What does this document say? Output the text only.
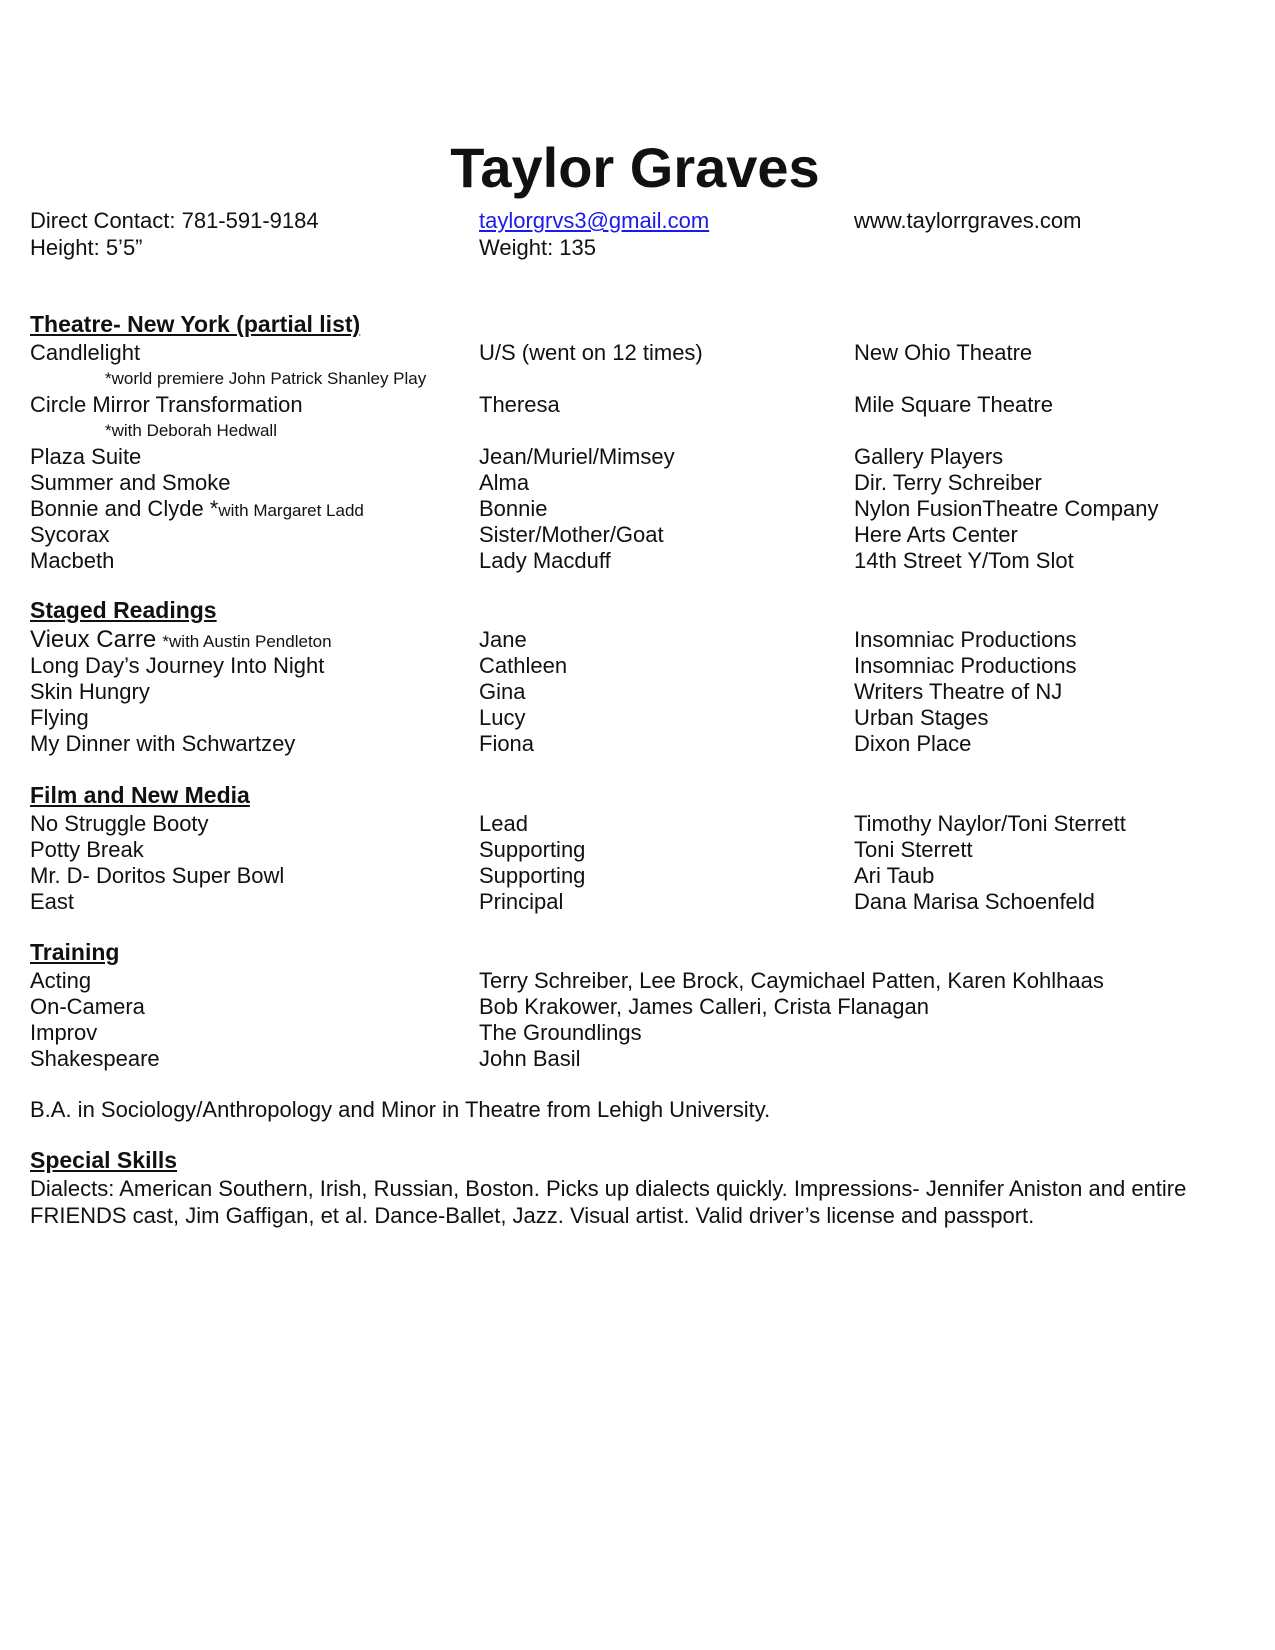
Taylor Graves
Direct Contact: 781-591-9184	taylorgrvs3@gmail.com	www.taylorrgraves.com
Height: 5’5”	Weight: 135
Theatre- New York (partial list)
Candlelight	U/S (went on 12 times)	New Ohio Theatre
*world premiere John Patrick Shanley Play
Circle Mirror Transformation	Theresa	Mile Square Theatre
*with Deborah Hedwall
Plaza Suite	Jean/Muriel/Mimsey	Gallery Players
Summer and Smoke	Alma	Dir. Terry Schreiber
Bonnie and Clyde *with Margaret Ladd	Bonnie	Nylon FusionTheatre Company
Sycorax	Sister/Mother/Goat	Here Arts Center
Macbeth	Lady Macduff	14th Street Y/Tom Slot
Staged Readings
Vieux Carre *with Austin Pendleton	Jane	Insomniac Productions
Long Day’s Journey Into Night	Cathleen	Insomniac Productions
Skin Hungry	Gina	Writers Theatre of NJ
Flying	Lucy	Urban Stages
My Dinner with Schwartzey	Fiona	Dixon Place
Film and New Media
No Struggle Booty	Lead	Timothy Naylor/Toni Sterrett
Potty Break	Supporting	Toni Sterrett
Mr. D- Doritos Super Bowl	Supporting	Ari Taub
East	Principal	Dana Marisa Schoenfeld
Training
Acting	Terry Schreiber, Lee Brock, Caymichael Patten, Karen Kohlhaas
On-Camera	Bob Krakower, James Calleri, Crista Flanagan
Improv	The Groundlings
Shakespeare	John Basil
B.A. in Sociology/Anthropology and Minor in Theatre from Lehigh University.
Special Skills
Dialects: American Southern, Irish, Russian, Boston. Picks up dialects quickly. Impressions- Jennifer Aniston and entire FRIENDS cast, Jim Gaffigan, et al. Dance-Ballet, Jazz. Visual artist. Valid driver’s license and passport.
